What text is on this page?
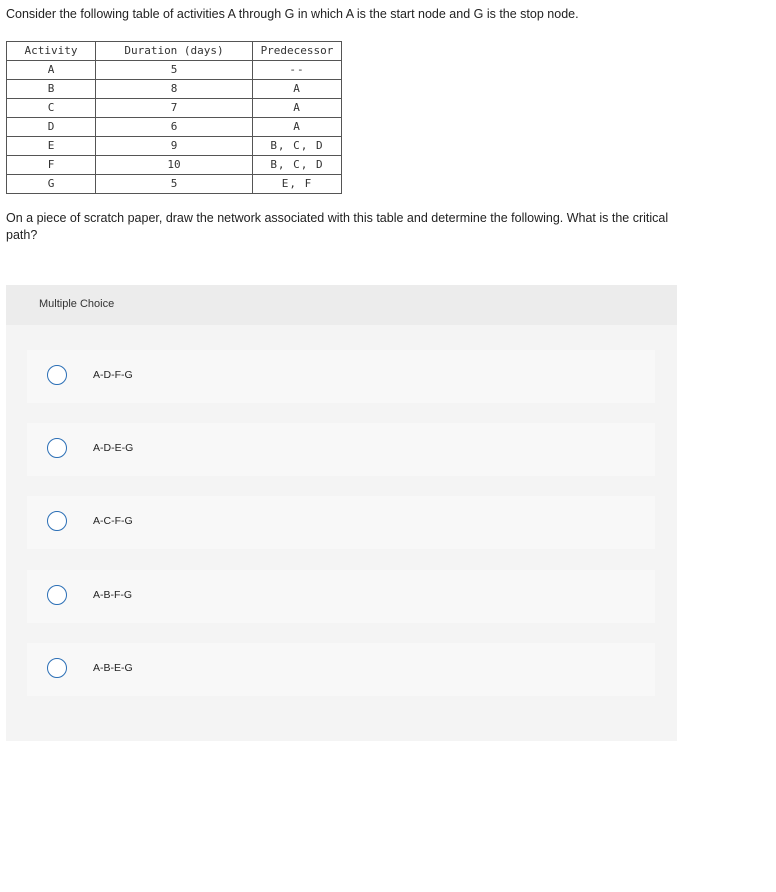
Consider the following table of activities A through G in which A is the start node and G is the stop node.
Activity	Duration (days)	Predecessor
A	5	--
B	8	A
C	7	A
D	6	A
E	9	B, C, D
F	10	B, C, D
G	5	E, F
On a piece of scratch paper, draw the network associated with this table and determine the following. What is the critical path?
Multiple Choice
A-D-F-G
A-D-E-G
A-C-F-G
A-B-F-G
A-B-E-G
